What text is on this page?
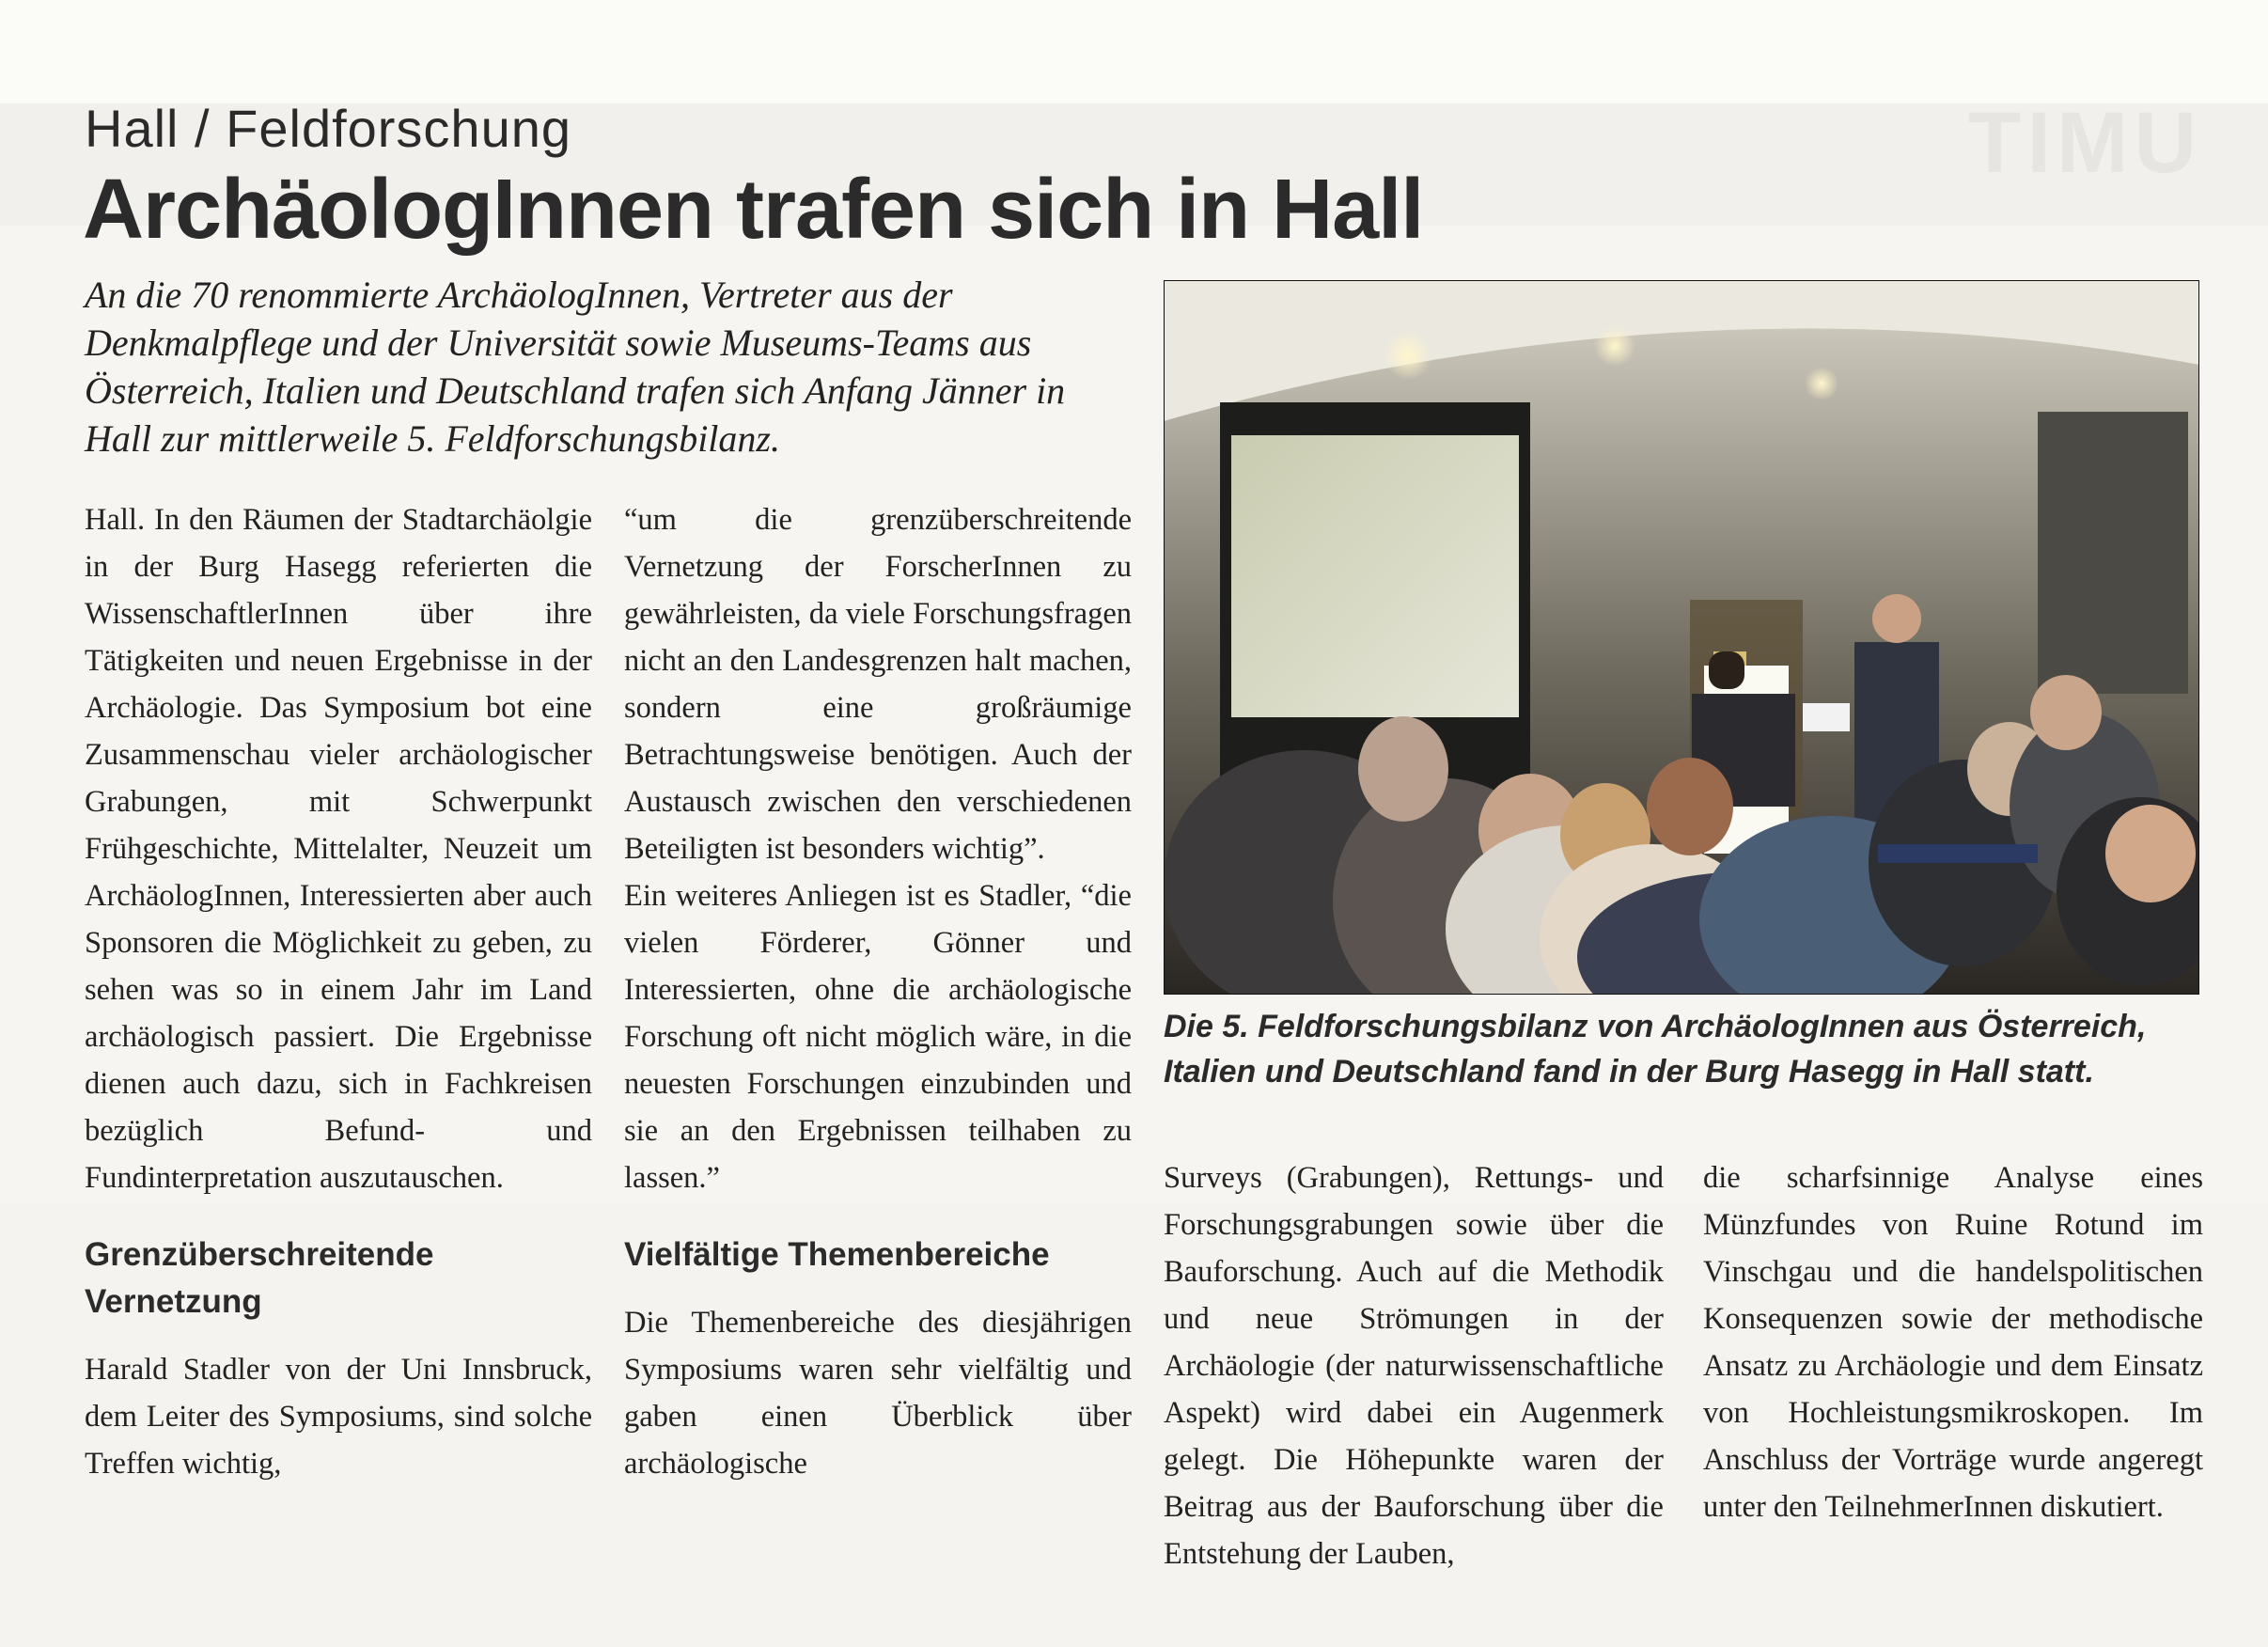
TIMU
Hall / Feldforschung
ArchäologInnen trafen sich in Hall

An die 70 renommierte ArchäologInnen, Vertreter aus der Denkmalpflege und der Universität sowie Museums-Teams aus Österreich, Italien und Deutschland trafen sich Anfang Jänner in Hall zur mittlerweile 5. Feldforschungsbilanz.

Hall. In den Räumen der Stadtarchäolgie in der Burg Hasegg referierten die WissenschaftlerInnen über ihre Tätigkeiten und neuen Ergebnisse in der Archäologie. Das Symposium bot eine Zusammenschau vieler archäologischer Grabungen, mit Schwerpunkt Frühgeschichte, Mittelalter, Neuzeit um ArchäologInnen, Interessierten aber auch Sponsoren die Möglichkeit zu geben, zu sehen was so in einem Jahr im Land archäologisch passiert. Die Ergebnisse dienen auch dazu, sich in Fachkreisen bezüglich Befund- und Fundinterpretation auszutauschen.

Grenzüberschreitende Vernetzung

Harald Stadler von der Uni Innsbruck, dem Leiter des Symposiums, sind solche Treffen wichtig,

“um die grenzüberschreitende Vernetzung der ForscherInnen zu gewährleisten, da viele Forschungsfragen nicht an den Landesgrenzen halt machen, sondern eine großräumige Betrachtungsweise benötigen. Auch der Austausch zwischen den verschiedenen Beteiligten ist besonders wichtig”.

Ein weiteres Anliegen ist es Stadler, “die vielen Förderer, Gönner und Interessierten, ohne die archäologische Forschung oft nicht möglich wäre, in die neuesten Forschungen einzubinden und sie an den Ergebnissen teilhaben zu lassen.”

Vielfältige Themenbereiche

Die Themenbereiche des diesjährigen Symposiums waren sehr vielfältig und gaben einen Überblick über archäologische

Die 5. Feldforschungsbilanz von ArchäologInnen aus Österreich, Italien und Deutschland fand in der Burg Hasegg in Hall statt.

Surveys (Grabungen), Rettungs- und Forschungsgrabungen sowie über die Bauforschung. Auch auf die Methodik und neue Strömungen in der Archäologie (der naturwissenschaftliche Aspekt) wird dabei ein Augenmerk gelegt. Die Höhepunkte waren der Beitrag aus der Bauforschung über die Entstehung der Lauben,

die scharfsinnige Analyse eines Münzfundes von Ruine Rotund im Vinschgau und die handelspolitischen Konsequenzen sowie der methodische Ansatz zu Archäologie und dem Einsatz von Hochleistungsmikroskopen. Im Anschluss der Vorträge wurde angeregt unter den TeilnehmerInnen diskutiert.
